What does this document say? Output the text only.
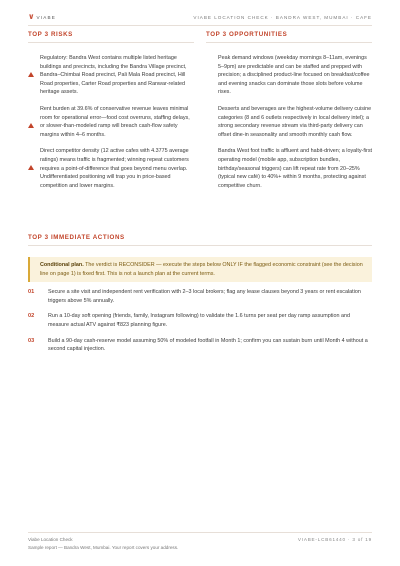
∨ VIABE	VIABE LOCATION CHECK · BANDRA WEST, MUMBAI · CAFE
TOP 3 RISKS
Regulatory: Bandra West contains multiple listed heritage buildings and precincts, including the Bandra Village precinct, Bandra–Chimbai Road precinct, Pali Mala Road precinct, Hill Road properties, Carter Road properties and Ranwar-related heritage assets.
Rent burden at 39.6% of conservative revenue leaves minimal room for operational error—food cost overruns, staffing delays, or slower-than-modeled ramp will breach cash-flow safety margins within 4–6 months.
Direct competitor density (12 active cafes with 4.3775 average ratings) means traffic is fragmented; winning repeat customers requires a point-of-difference that goes beyond menu overlap. Undifferentiated positioning will trap you in price-based competition and lower margins.
TOP 3 OPPORTUNITIES
Peak demand windows (weekday mornings 8–11am, evenings 5–9pm) are predictable and can be staffed and prepped with precision; a disciplined product-line focused on breakfast/coffee and evening snacks can dominate those slots before volume rises.
Desserts and beverages are the highest-volume delivery cuisine categories (8 and 6 outlets respectively in local delivery intel); a strong secondary revenue stream via third-party delivery can offset dine-in seasonality and smooth monthly cash flow.
Bandra West foot traffic is affluent and habit-driven; a loyalty-first operating model (mobile app, subscription bundles, birthday/seasonal triggers) can lift repeat rate from 20–25% (typical new café) to 40%+ within 9 months, protecting against competitive churn.
TOP 3 IMMEDIATE ACTIONS
Conditional plan. The verdict is RECONSIDER — execute the steps below ONLY IF the flagged economic constraint (see the decision line on page 1) is fixed first. This is not a launch plan at the current terms.
01	Secure a site visit and independent rent verification with 2–3 local brokers; flag any lease clauses beyond 3 years or rent escalation triggers above 5% annually.
02	Run a 10-day soft opening (friends, family, Instagram following) to validate the 1.6 turns per seat per day ramp assumption and measure actual ATV against ₹823 planning figure.
03	Build a 90-day cash-reserve model assuming 50% of modeled footfall in Month 1; confirm you can sustain burn until Month 4 without a second capital injection.
Viabe Location Check
Sample report — Bandra West, Mumbai. Your report covers your address.
VIABE-LCB61440 · 3 of 19
